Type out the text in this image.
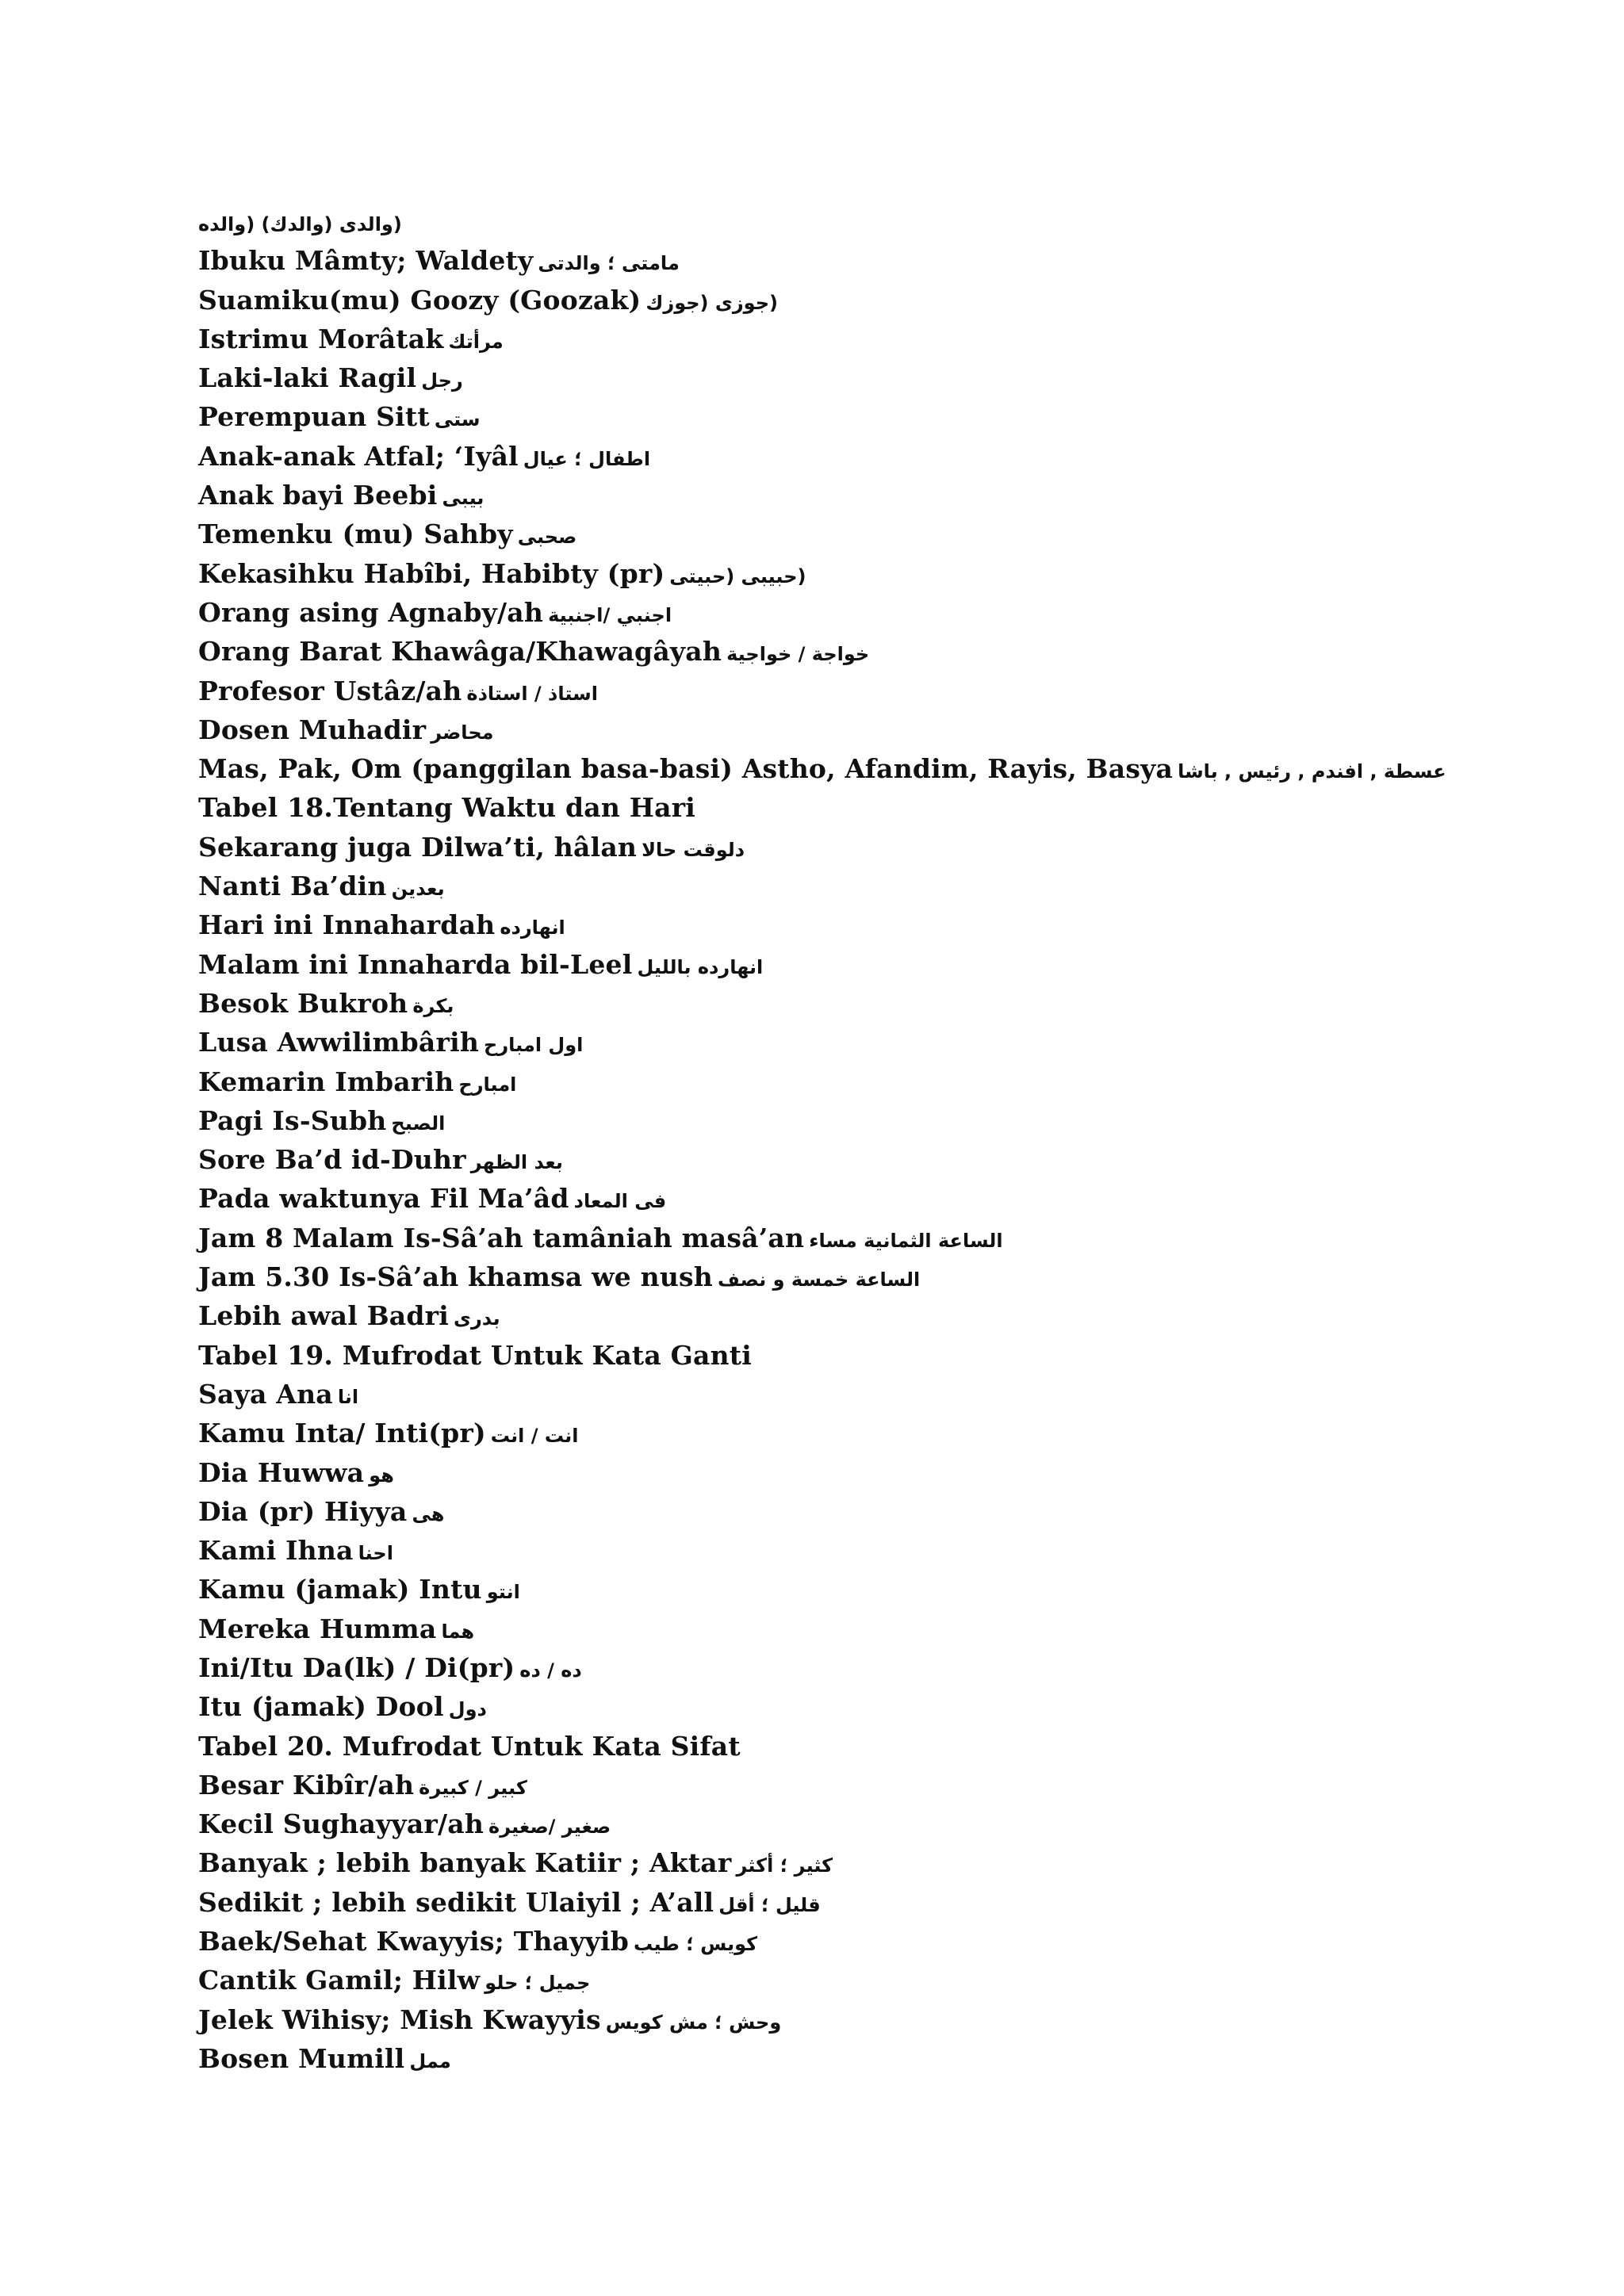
(والدى (والدك) (والده
Ibuku Mâmty; Waldety مامتى ؛ والدتى
Suamiku(mu) Goozy (Goozak) (جوزى (جوزك
Istrimu Morâtak مرأتك
Laki-laki Ragil رجل
Perempuan Sitt ستى
Anak-anak Atfal; ‘Iyâl اطفال ؛ عيال
Anak bayi Beebi بيبى
Temenku (mu) Sahby صحبى
Kekasihku Habîbi, Habibty (pr) (حبيبى (حبيتى
Orang asing Agnaby/ah اجنبي /اجنبية
Orang Barat Khawâga/Khawagâyah خواجة / خواجية
Profesor Ustâz/ah استاذ / استاذة
Dosen Muhadir محاضر
Mas, Pak, Om (panggilan basa-basi) Astho, Afandim, Rayis, Basya عسطة , افندم , رئيس , باشا
Tabel 18.Tentang Waktu dan Hari
Sekarang juga Dilwa’ti, hâlan دلوقت حالا
Nanti Ba’din بعدين
Hari ini Innahardah انهارده
Malam ini Innaharda bil-Leel انهارده بالليل
Besok Bukroh بكرة
Lusa Awwilimbârih اول امبارح
Kemarin Imbarih امبارح
Pagi Is-Subh الصبح
Sore Ba’d id-Duhr بعد الظهر
Pada waktunya Fil Ma’âd فى المعاد
Jam 8 Malam Is-Sâ’ah tamâniah masâ’an الساعة الثمانية مساء
Jam 5.30 Is-Sâ’ah khamsa we nush الساعة خمسة و نصف
Lebih awal Badri بدرى
Tabel 19. Mufrodat Untuk Kata Ganti
Saya Ana انا
Kamu Inta/ Inti(pr) انت / انت
Dia Huwwa هو
Dia (pr) Hiyya هى
Kami Ihna احنا
Kamu (jamak) Intu انتو
Mereka Humma هما
Ini/Itu Da(lk) / Di(pr) ده / ده
Itu (jamak) Dool دول
Tabel 20. Mufrodat Untuk Kata Sifat
Besar Kibîr/ah كبير / كبيرة
Kecil Sughayyar/ah صغير /صغيرة
Banyak ; lebih banyak Katiir ; Aktar كثير ؛ أكثر
Sedikit ; lebih sedikit Ulaiyil ; A’all قليل ؛ أقل
Baek/Sehat Kwayyis; Thayyib كويس ؛ طيب
Cantik Gamil; Hilw جميل ؛ حلو
Jelek Wihisy; Mish Kwayyis وحش ؛ مش كويس
Bosen Mumill ممل
